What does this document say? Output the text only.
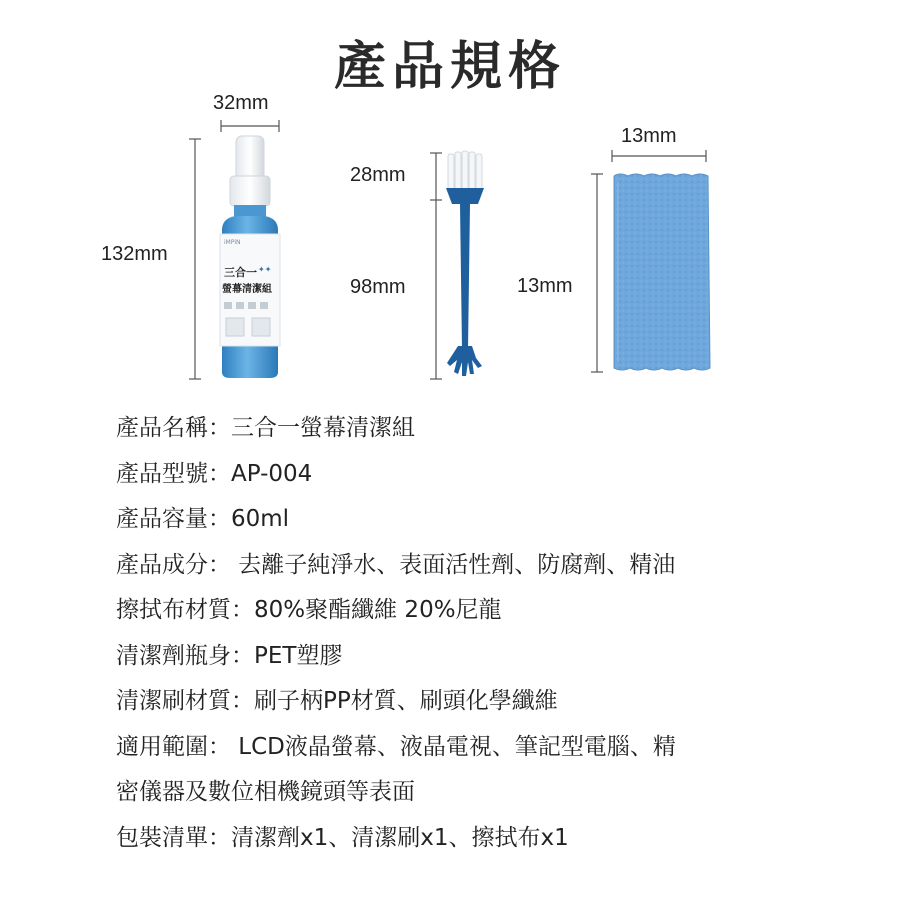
產品規格
32mm
132mm
28mm
98mm
13mm
13mm
iMPiN
三合一 ✦✦
螢幕清潔組
產品名稱：三合一螢幕清潔組
產品型號：AP-004
產品容量：60ml
產品成分： 去離子純淨水、表面活性劑、防腐劑、精油
擦拭布材質：80%聚酯纖維 20%尼龍
清潔劑瓶身：PET塑膠
清潔刷材質：刷子柄PP材質、刷頭化學纖維
適用範圍： LCD液晶螢幕、液晶電視、筆記型電腦、精
密儀器及數位相機鏡頭等表面
包裝清單：清潔劑x1、清潔刷x1、擦拭布x1
